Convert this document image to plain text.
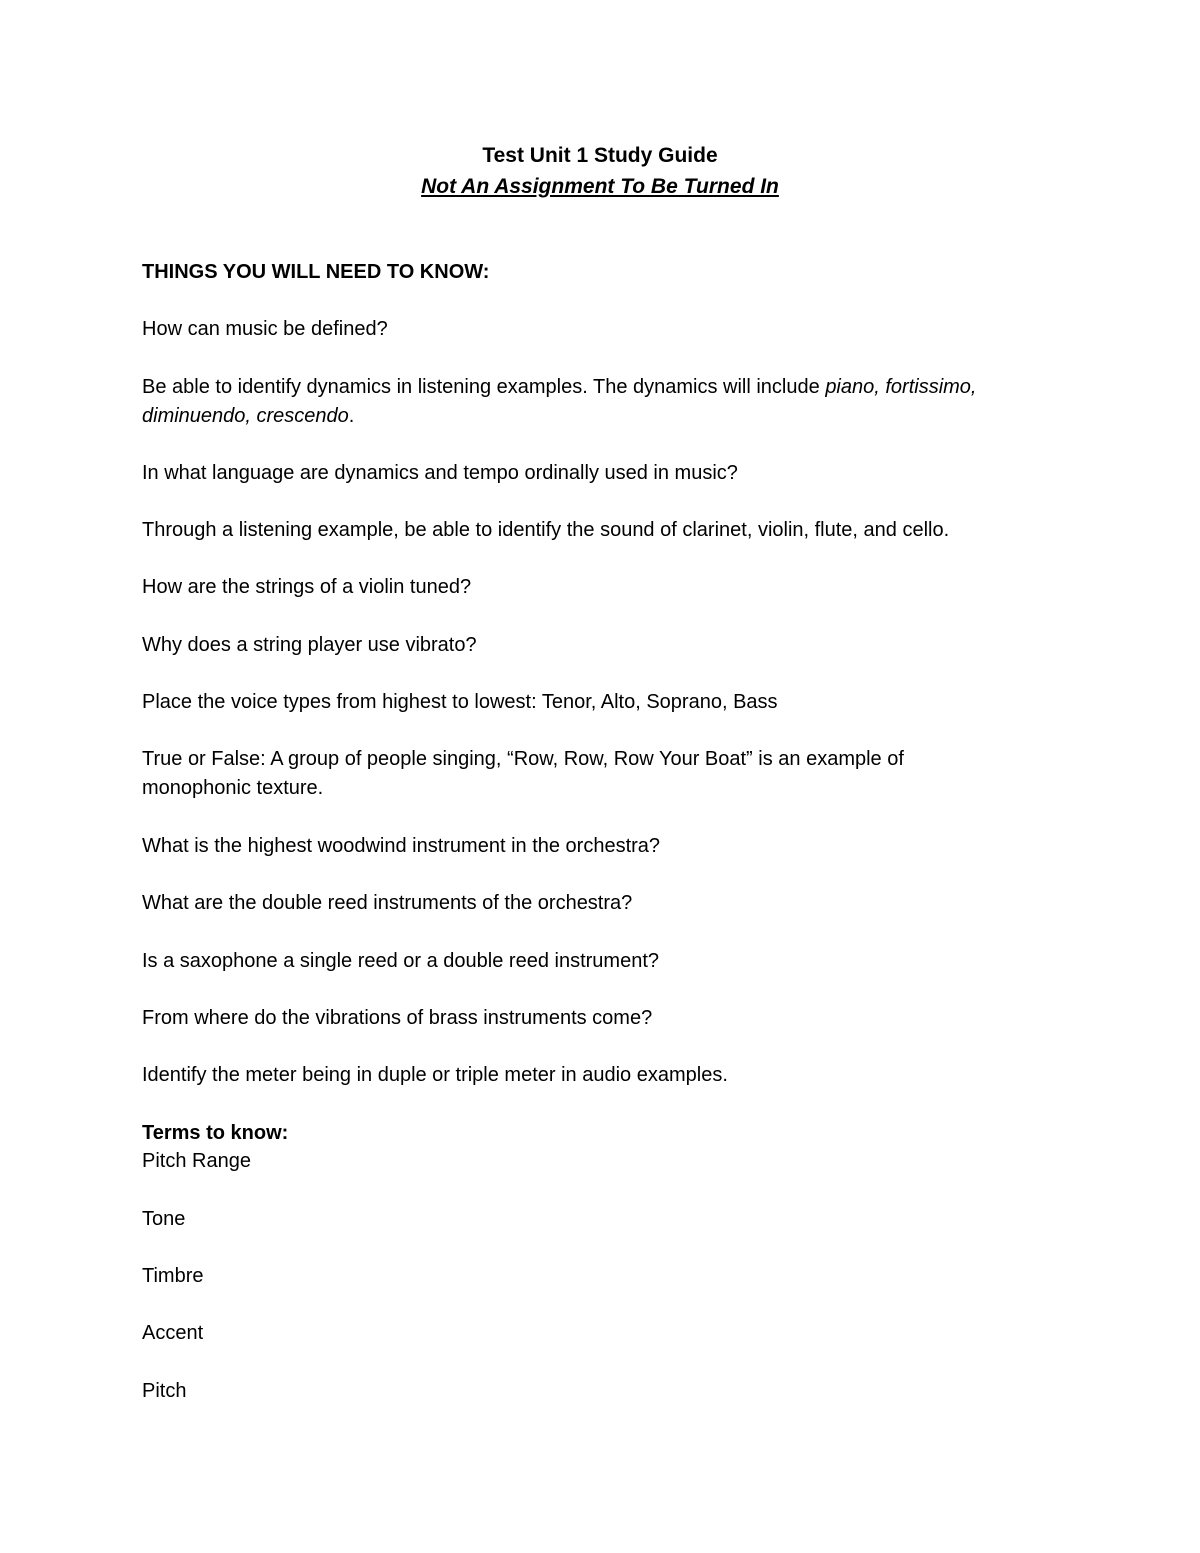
Test Unit 1 Study Guide
Not An Assignment To Be Turned In
THINGS YOU WILL NEED TO KNOW:
How can music be defined?
Be able to identify dynamics in listening examples. The dynamics will include piano, fortissimo,
diminuendo, crescendo.
In what language are dynamics and tempo ordinally used in music?
Through a listening example, be able to identify the sound of clarinet, violin, flute, and cello.
How are the strings of a violin tuned?
Why does a string player use vibrato?
Place the voice types from highest to lowest: Tenor, Alto, Soprano, Bass
True or False: A group of people singing, “Row, Row, Row Your Boat” is an example of
monophonic texture.
What is the highest woodwind instrument in the orchestra?
What are the double reed instruments of the orchestra?
Is a saxophone a single reed or a double reed instrument?
From where do the vibrations of brass instruments come?
Identify the meter being in duple or triple meter in audio examples.
Terms to know:
Pitch Range
Tone
Timbre
Accent
Pitch
